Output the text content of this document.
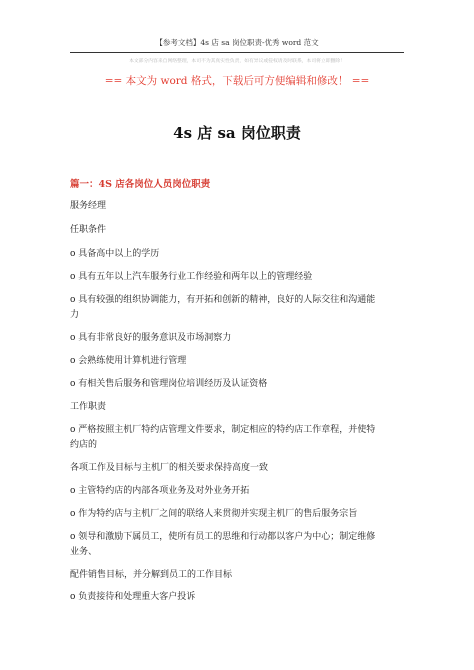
【参考文档】4s 店 sa 岗位职责-优秀 word 范文
本文部分内容来自网络整理，本司不为其真实性负责，如有异议或侵权请及时联系，本司将立即删除！
== 本文为 word 格式，下载后可方便编辑和修改！ ==
4s 店 sa 岗位职责
篇一：4S 店各岗位人员岗位职责
服务经理
任职条件
o 具备高中以上的学历
o 具有五年以上汽车服务行业工作经验和两年以上的管理经验
o 具有较强的组织协调能力，有开拓和创新的精神，良好的人际交往和沟通能
力
o 具有非常良好的服务意识及市场洞察力
o 会熟练使用计算机进行管理
o 有相关售后服务和管理岗位培训经历及认证资格
工作职责
o 严格按照主机厂特约店管理文件要求，制定相应的特约店工作章程，并使特
约店的
各项工作及目标与主机厂的相关要求保持高度一致
o 主管特约店的内部各项业务及对外业务开拓
o 作为特约店与主机厂之间的联络人来贯彻并实现主机厂的售后服务宗旨
o 领导和激励下属员工，使所有员工的思维和行动都以客户为中心；制定维修
业务、
配件销售目标，并分解到员工的工作目标
o 负责接待和处理重大客户投诉
